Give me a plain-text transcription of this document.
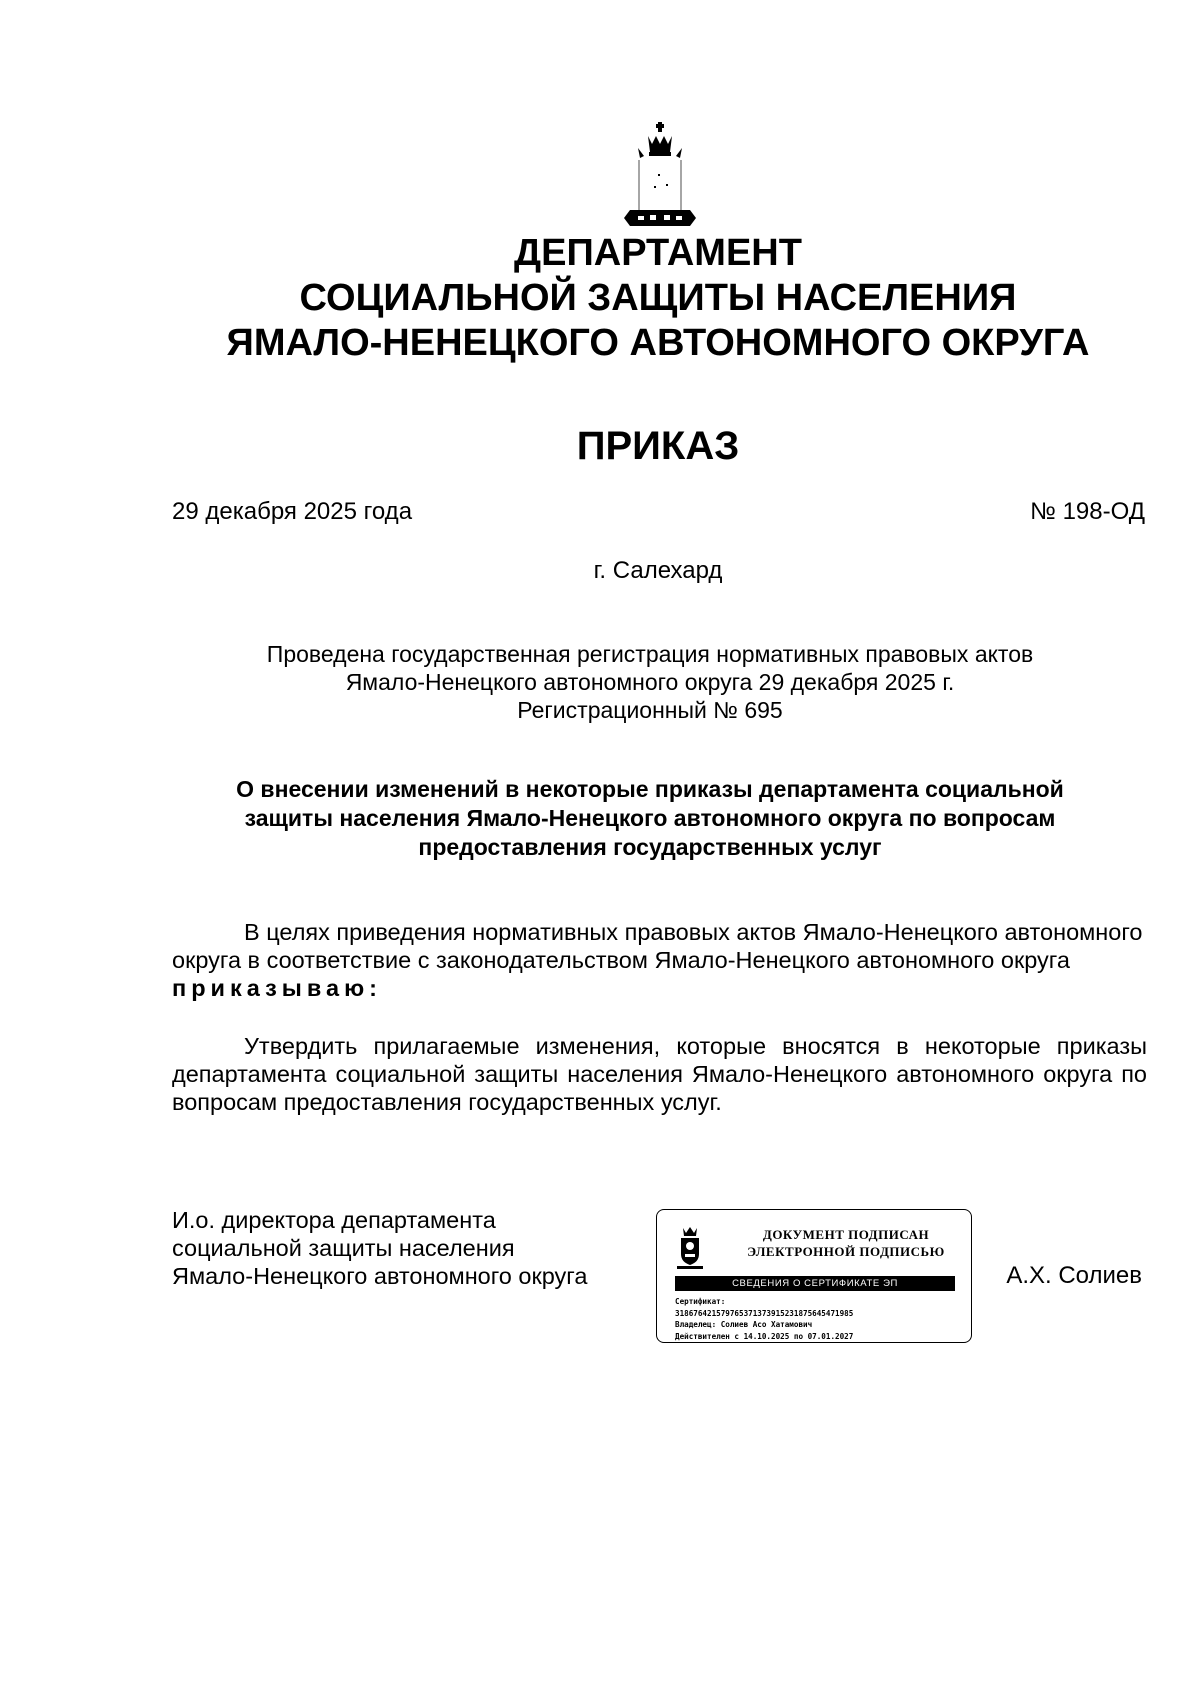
ДЕПАРТАМЕНТ
СОЦИАЛЬНОЙ ЗАЩИТЫ НАСЕЛЕНИЯ
ЯМАЛО-НЕНЕЦКОГО АВТОНОМНОГО ОКРУГА
ПРИКАЗ
29 декабря 2025 года	№ 198-ОД
г. Салехард
Проведена государственная регистрация нормативных правовых актов
Ямало-Ненецкого автономного округа 29 декабря 2025 г.
Регистрационный № 695
О внесении изменений в некоторые приказы департамента социальной
защиты населения Ямало-Ненецкого автономного округа по вопросам
предоставления государственных услуг
В целях приведения нормативных правовых актов Ямало-Ненецкого автономного округа в соответствие с законодательством Ямало-Ненецкого автономного округа приказываю:
Утвердить прилагаемые изменения, которые вносятся в некоторые приказы департамента социальной защиты населения Ямало-Ненецкого автономного округа по вопросам предоставления государственных услуг.
И.о. директора департамента
социальной защиты населения
Ямало-Ненецкого автономного округа
ДОКУМЕНТ ПОДПИСАН
ЭЛЕКТРОННОЙ ПОДПИСЬЮ
СВЕДЕНИЯ О СЕРТИФИКАТЕ ЭП
Сертификат:
318676421579765371373915231875645471985
Владелец: Солиев Асо Хатамович
Действителен с 14.10.2025 по 07.01.2027
А.Х. Солиев
